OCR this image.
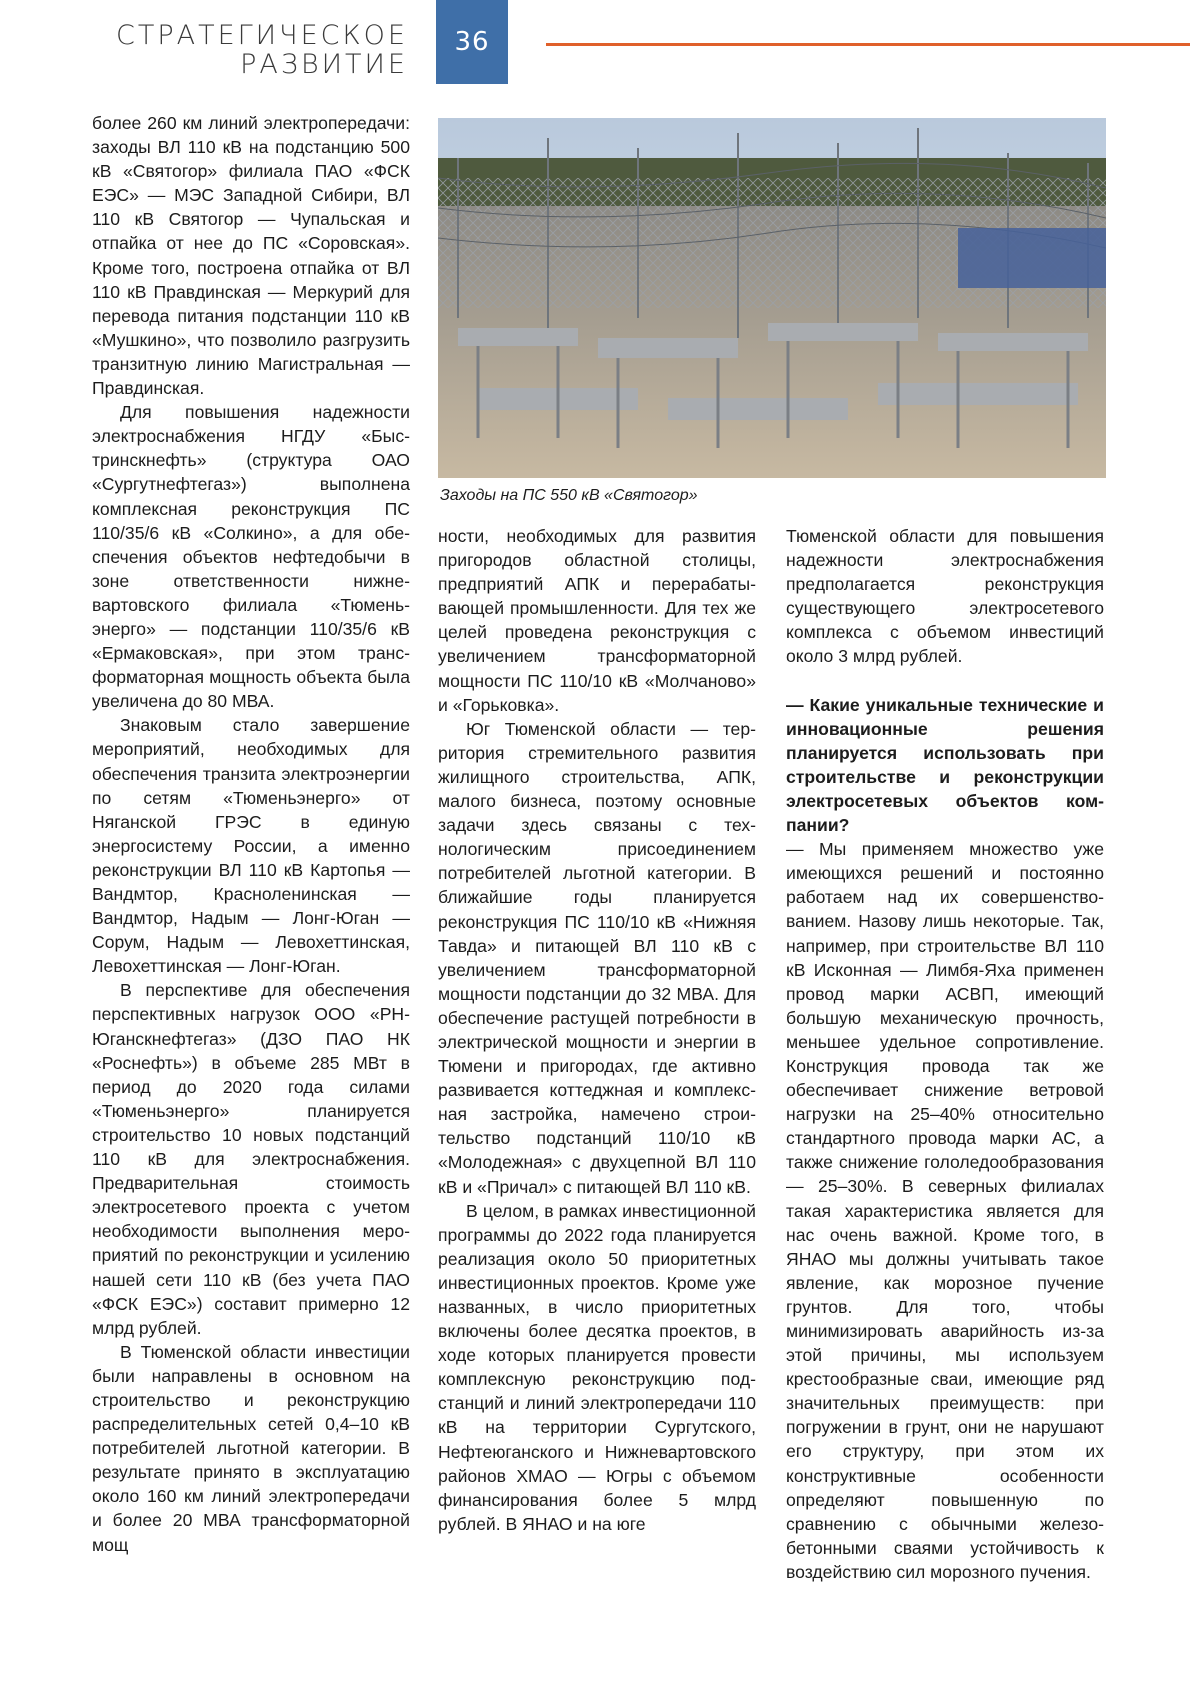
СТРАТЕГИЧЕСКОЕ
РАЗВИТИЕ
36

более 260 км линий электропередачи: заходы ВЛ 110 кВ на подстанцию 500 кВ «Святогор» филиала ПАО «ФСК ЕЭС» — МЭС Западной Сибири, ВЛ 110 кВ Святогор — Чупальская и отпайка от нее до ПС «Соровская». Кроме того, построена отпайка от ВЛ 110 кВ Правдинская — Меркурий для перевода питания подстанции 110 кВ «Мушкино», что позволило разгрузить транзитную линию Магистральная — Правдинская.

Для повышения надежности электроснабжения НГДУ «Быстринскнефть» (структура ОАО «Сургутнефтегаз») выполнена комплексная реконструкция ПС 110/35/6 кВ «Солкино», а для обеспечения объектов нефтедобычи в зоне ответственности нижневартовского филиала «Тюменьэнерго» — подстанции 110/35/6 кВ «Ермаковская», при этом трансформаторная мощность объекта была увеличена до 80 МВА.

Знаковым стало завершение мероприятий, необходимых для обеспечения транзита электроэнергии по сетям «Тюменьэнерго» от Няганской ГРЭС в единую энергосистему России, а именно реконструкции ВЛ 110 кВ Картопья — Вандмтор, Красноленинская — Вандмтор, Надым — Лонг-Юган — Сорум, Надым — Левохеттинская, Левохеттинская — Лонг-Юган.

В перспективе для обеспечения перспективных нагрузок ООО «РН-Юганскнефтегаз» (ДЗО ПАО НК «Роснефть») в объеме 285 МВт в период до 2020 года силами «Тюменьэнерго» планируется строительство 10 новых подстанций 110 кВ для электроснабжения. Предварительная стоимость электросетевого проекта с учетом необходимости выполнения мероприятий по реконструкции и усилению нашей сети 110 кВ (без учета ПАО «ФСК ЕЭС») составит примерно 12 млрд рублей.

В Тюменской области инвестиции были направлены в основном на строительство и реконструкцию распределительных сетей 0,4–10 кВ потребителей льготной категории. В результате принято в эксплуатацию около 160 км линий электропередачи и более 20 МВА трансформаторной мощ

Заходы на ПС 550 кВ «Святогор»

ности, необходимых для развития пригородов областной столицы, предприятий АПК и перерабатывающей промышленности. Для тех же целей проведена реконструкция с увеличением трансформаторной мощности ПС 110/10 кВ «Молчаново» и «Горьковка».

Юг Тюменской области — территория стремительного развития жилищного строительства, АПК, малого бизнеса, поэтому основные задачи здесь связаны с технологическим присоединением потребителей льготной категории. В ближайшие годы планируется реконструкция ПС 110/10 кВ «Нижняя Тавда» и питающей ВЛ 110 кВ с увеличением трансформаторной мощности подстанции до 32 МВА. Для обеспечение растущей потребности в электрической мощности и энергии в Тюмени и пригородах, где активно развивается коттеджная и комплексная застройка, намечено строительство подстанций 110/10 кВ «Молодежная» с двухцепной ВЛ 110 кВ и «Причал» с питающей ВЛ 110 кВ.

В целом, в рамках инвестиционной программы до 2022 года планируется реализация около 50 приоритетных инвестиционных проектов. Кроме уже названных, в число приоритетных включены более десятка проектов, в ходе которых планируется провести комплексную реконструкцию подстанций и линий электропередачи 110 кВ на территории Сургутского, Нефтеюганского и Нижневартовского районов ХМАО — Югры с объемом финансирования более 5 млрд рублей. В ЯНАО и на юге

Тюменской области для повышения надежности электроснабжения предполагается реконструкция существующего электросетевого комплекса с объемом инвестиций около 3 млрд рублей.

— Какие уникальные технические и инновационные решения планируется использовать при строительстве и реконструкции электросетевых объектов компании?

— Мы применяем множество уже имеющихся решений и постоянно работаем над их совершенствованием. Назову лишь некоторые. Так, например, при строительстве ВЛ 110 кВ Исконная — Лимбя-Яха применен провод марки АСВП, имеющий большую механическую прочность, меньшее удельное сопротивление. Конструкция провода так же обеспечивает снижение ветровой нагрузки на 25–40% относительно стандартного провода марки АС, а также снижение гололедообразования — 25–30%. В северных филиалах такая характеристика является для нас очень важной. Кроме того, в ЯНАО мы должны учитывать такое явление, как морозное пучение грунтов. Для того, чтобы минимизировать аварийность из-за этой причины, мы используем крестообразные сваи, имеющие ряд значительных преимуществ: при погружении в грунт, они не нарушают его структуру, при этом их конструктивные особенности определяют повышенную по сравнению с обычными железобетонными сваями устойчивость к воздействию сил морозного пучения.
